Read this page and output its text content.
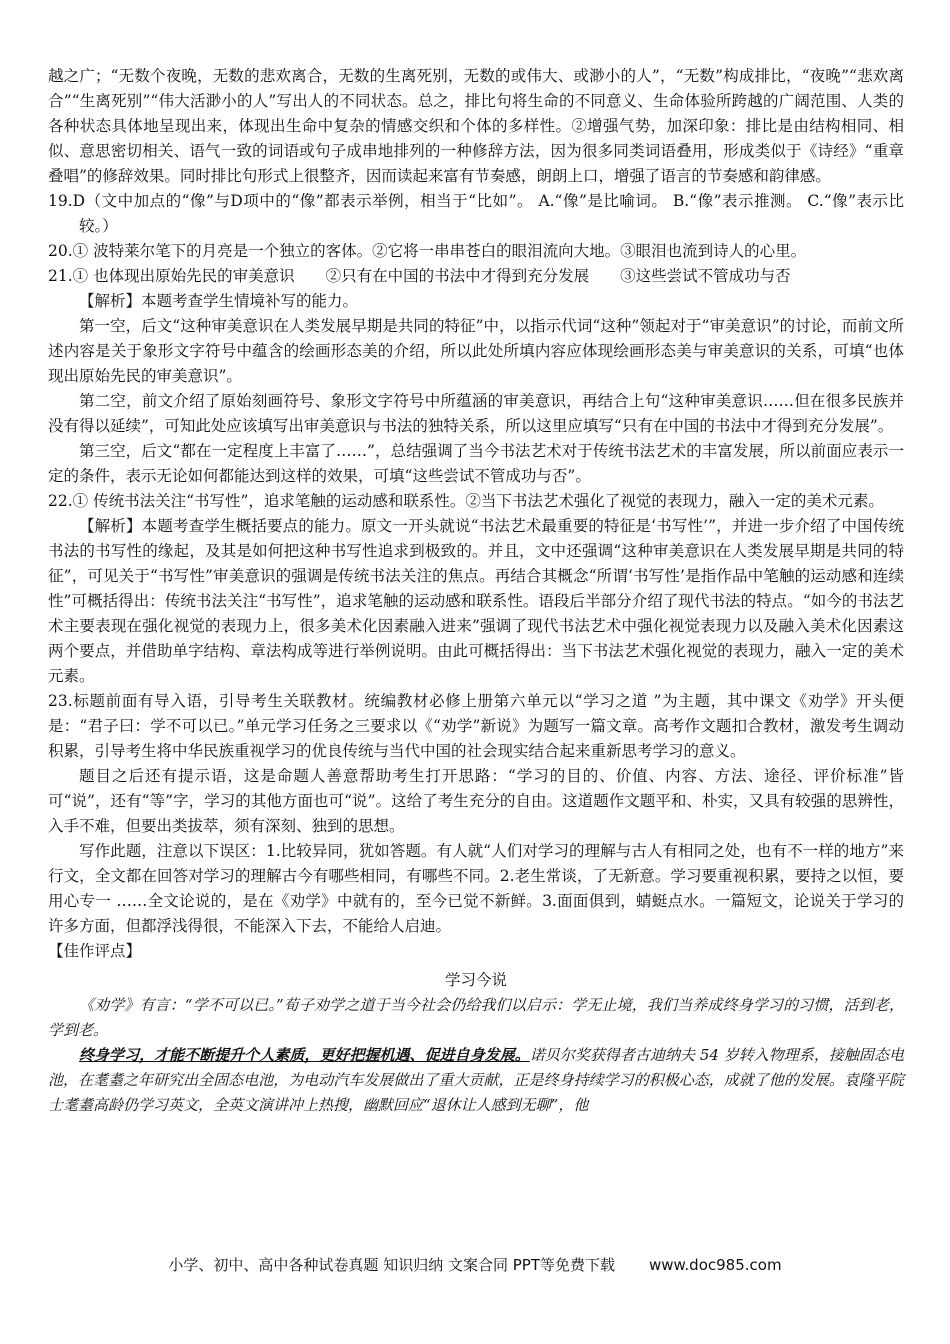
越之广；“无数个夜晚，无数的悲欢离合，无数的生离死别，无数的或伟大、或渺小的人”，“无数”构成排比，“夜晚”“悲欢离合”“生离死别”“伟大活渺小的人”写出人的不同状态。总之，排比句将生命的不同意义、生命体验所跨越的广阔范围、人类的各种状态具体地呈现出来，体现出生命中复杂的情感交织和个体的多样性。②增强气势，加深印象：排比是由结构相同、相似、意思密切相关、语气一致的词语或句子成串地排列的一种修辞方法，因为很多同类词语叠用，形成类似于《诗经》“重章叠唱”的修辞效果。同时排比句形式上很整齐，因而读起来富有节奏感，朗朗上口，增强了语言的节奏感和韵律感。

19.D（文中加点的“像”与D项中的“像”都表示举例，相当于“比如”。 A.“像”是比喻词。 B.“像”表示推测。 C.“像”表示比较。）

20.① 波特莱尔笔下的月亮是一个独立的客体。②它将一串串苍白的眼泪流向大地。③眼泪也流到诗人的心里。

21.① 也体现出原始先民的审美意识　　②只有在中国的书法中才得到充分发展　　③这些尝试不管成功与否

【解析】本题考查学生情境补写的能力。

第一空，后文“这种审美意识在人类发展早期是共同的特征”中，以指示代词“这种”领起对于“审美意识”的讨论，而前文所述内容是关于象形文字符号中蕴含的绘画形态美的介绍，所以此处所填内容应体现绘画形态美与审美意识的关系，可填“也体现出原始先民的审美意识”。

第二空，前文介绍了原始刻画符号、象形文字符号中所蕴涵的审美意识，再结合上句“这种审美意识……但在很多民族并没有得以延续”，可知此处应该填写出审美意识与书法的独特关系，所以这里应填写“只有在中国的书法中才得到充分发展”。

第三空，后文“都在一定程度上丰富了……”，总结强调了当今书法艺术对于传统书法艺术的丰富发展，所以前面应表示一定的条件，表示无论如何都能达到这样的效果，可填“这些尝试不管成功与否”。

22.① 传统书法关注“书写性”，追求笔触的运动感和联系性。②当下书法艺术强化了视觉的表现力，融入一定的美术元素。

【解析】本题考查学生概括要点的能力。原文一开头就说“书法艺术最重要的特征是‘书写性’”，并进一步介绍了中国传统书法的书写性的缘起，及其是如何把这种书写性追求到极致的。并且，文中还强调“这种审美意识在人类发展早期是共同的特征”，可见关于“书写性”审美意识的强调是传统书法关注的焦点。再结合其概念“所谓‘书写性’是指作品中笔触的运动感和连续性”可概括得出：传统书法关注“书写性”，追求笔触的运动感和联系性。语段后半部分介绍了现代书法的特点。“如今的书法艺术主要表现在强化视觉的表现力上，很多美术化因素融入进来”强调了现代书法艺术中强化视觉表现力以及融入美术化因素这两个要点，并借助单字结构、章法构成等进行举例说明。由此可概括得出：当下书法艺术强化视觉的表现力，融入一定的美术元素。

23.标题前面有导入语，引导考生关联教材。统编教材必修上册第六单元以“学习之道 ”为主题，其中课文《劝学》开头便是：“君子曰：学不可以已。”单元学习任务之三要求以《“劝学”新说》为题写一篇文章。高考作文题扣合教材，激发考生调动积累，引导考生将中华民族重视学习的优良传统与当代中国的社会现实结合起来重新思考学习的意义。

题目之后还有提示语，这是命题人善意帮助考生打开思路：“学习的目的、价值、内容、方法、途径、评价标准”皆可“说”，还有“等”字，学习的其他方面也可“说”。这给了考生充分的自由。这道题作文题平和、朴实，又具有较强的思辨性，入手不难，但要出类拔萃，须有深刻、独到的思想。

写作此题，注意以下误区：1.比较异同，犹如答题。有人就“人们对学习的理解与古人有相同之处，也有不一样的地方”来行文，全文都在回答对学习的理解古今有哪些相同，有哪些不同。2.老生常谈，了无新意。学习要重视积累，要持之以恒，要用心专一 ……全文论说的，是在《劝学》中就有的，至今已觉不新鲜。3.面面俱到，蜻蜓点水。一篇短文，论说关于学习的许多方面，但都浮浅得很，不能深入下去，不能给人启迪。

【佳作评点】

学习今说

《劝学》有言：“学不可以已。”荀子劝学之道于当今社会仍给我们以启示：学无止境，我们当养成终身学习的习惯，活到老，学到老。

终身学习，才能不断提升个人素质，更好把握机遇、促进自身发展。诺贝尔奖获得者古迪纳夫 54 岁转入物理系，接触固态电池，在耄耋之年研究出全固态电池，为电动汽车发展做出了重大贡献，正是终身持续学习的积极心态，成就了他的发展。袁隆平院士耄耋高龄仍学习英文，全英文演讲冲上热搜，幽默回应“退休让人感到无聊”，他

小学、初中、高中各种试卷真题 知识归纳 文案合同 PPT等免费下载 www.doc985.com
